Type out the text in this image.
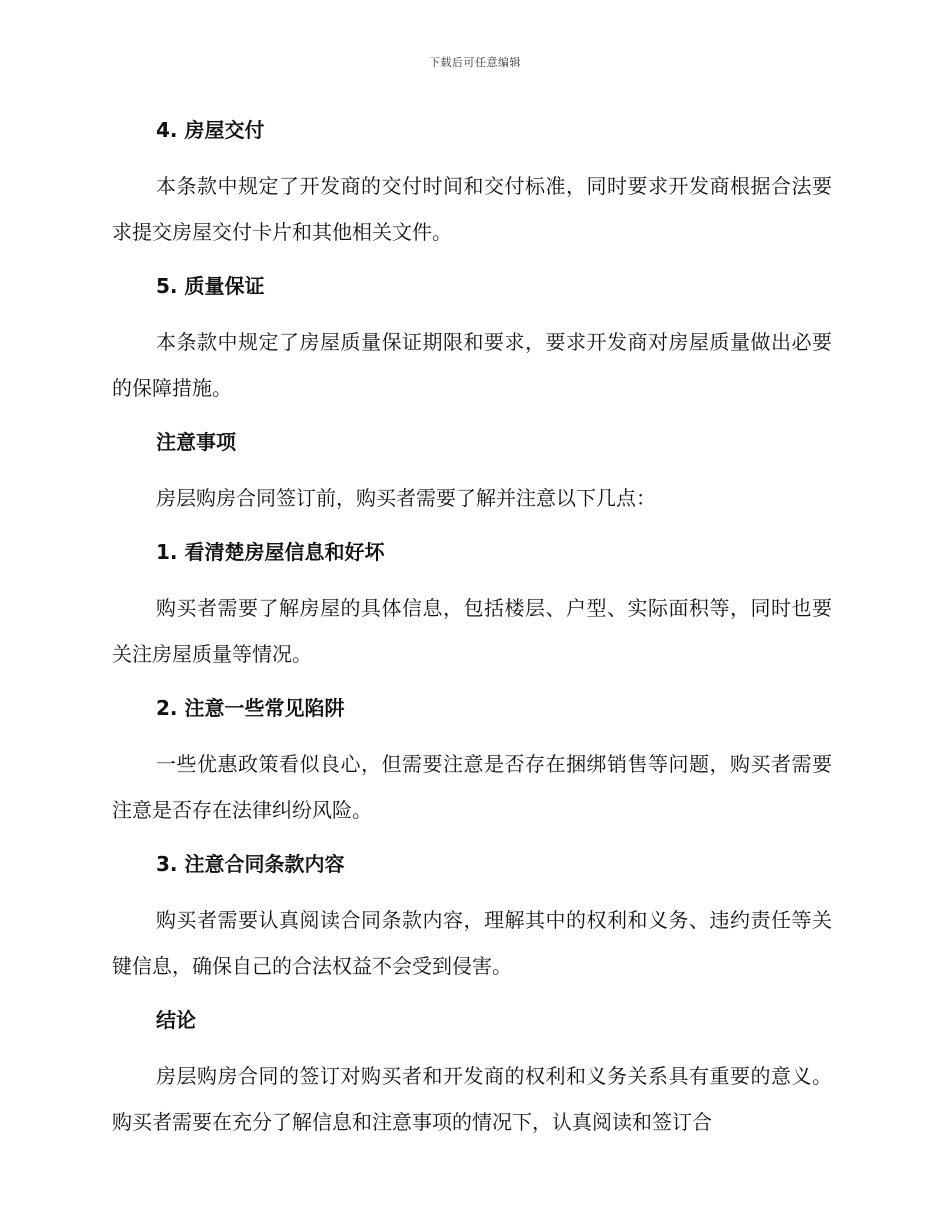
下载后可任意编辑
4. 房屋交付

本条款中规定了开发商的交付时间和交付标准，同时要求开发商根据合法要求提交房屋交付卡片和其他相关文件。

5. 质量保证

本条款中规定了房屋质量保证期限和要求，要求开发商对房屋质量做出必要的保障措施。

注意事项

房层购房合同签订前，购买者需要了解并注意以下几点：

1. 看清楚房屋信息和好坏

购买者需要了解房屋的具体信息，包括楼层、户型、实际面积等，同时也要关注房屋质量等情况。

2. 注意一些常见陷阱

一些优惠政策看似良心，但需要注意是否存在捆绑销售等问题，购买者需要注意是否存在法律纠纷风险。

3. 注意合同条款内容

购买者需要认真阅读合同条款内容，理解其中的权利和义务、违约责任等关键信息，确保自己的合法权益不会受到侵害。

结论

房层购房合同的签订对购买者和开发商的权利和义务关系具有重要的意义。购买者需要在充分了解信息和注意事项的情况下，认真阅读和签订合
